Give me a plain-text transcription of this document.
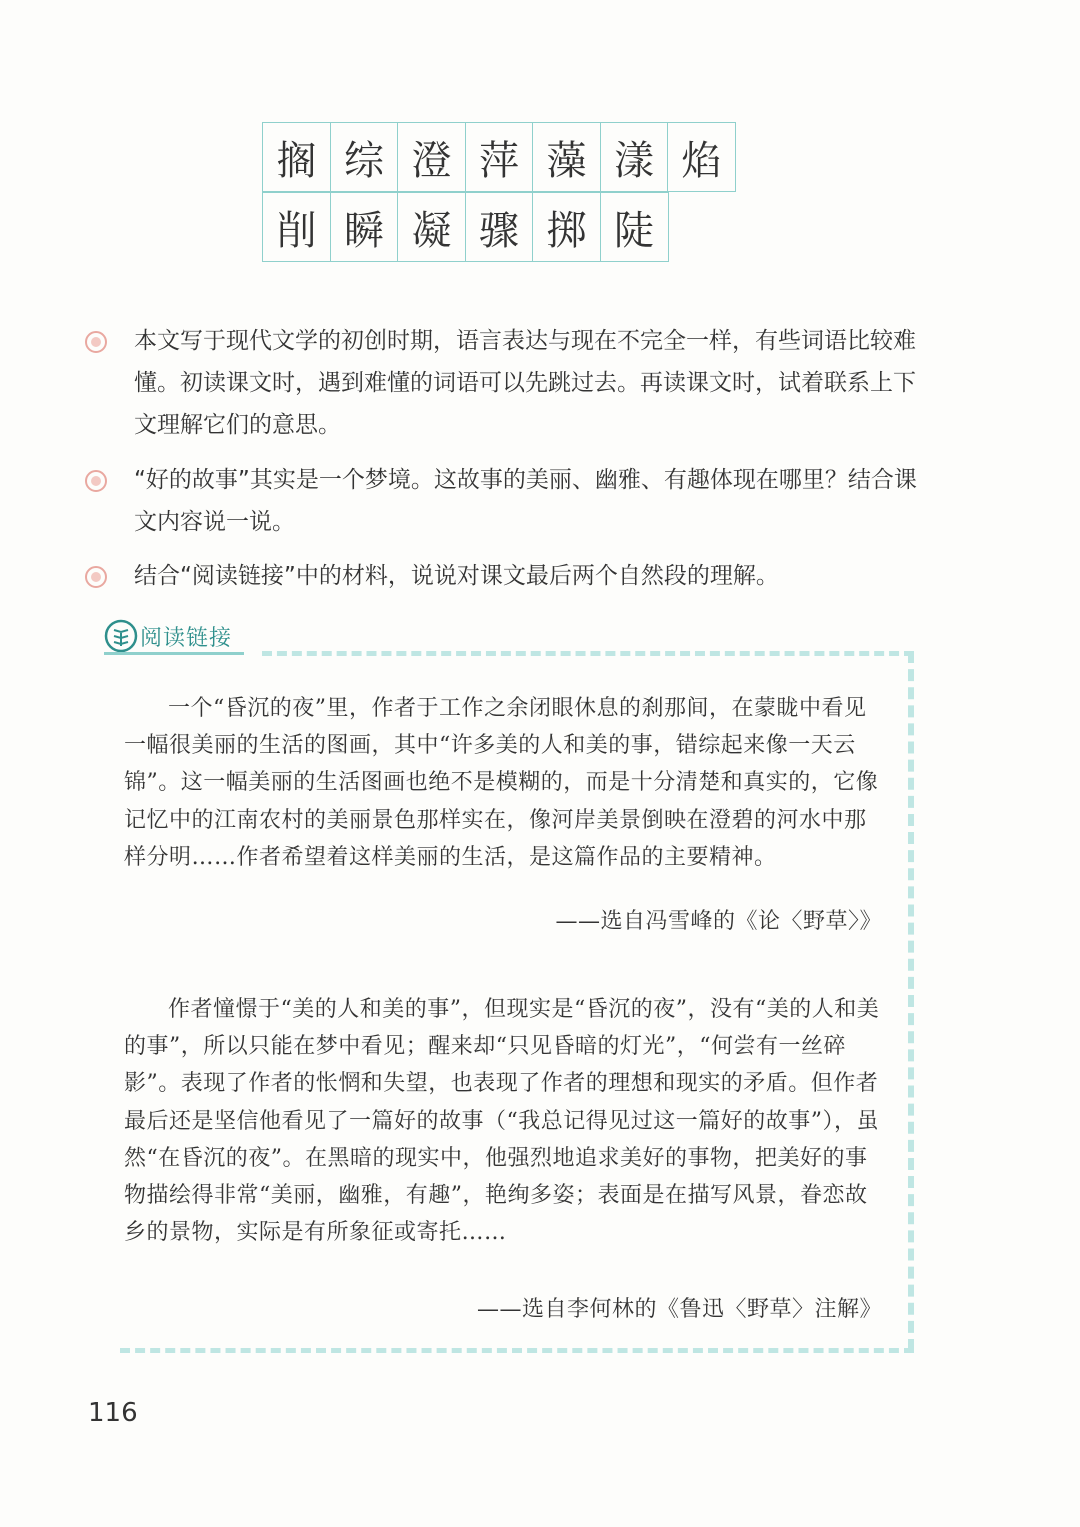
搁 综 澄 萍 藻 漾 焰
削 瞬 凝 骤 掷 陡
本文写于现代文学的初创时期，语言表达与现在不完全一样，有些词语比较难懂。初读课文时，遇到难懂的词语可以先跳过去。再读课文时，试着联系上下文理解它们的意思。
“好的故事”其实是一个梦境。这故事的美丽、幽雅、有趣体现在哪里？结合课文内容说一说。
结合“阅读链接”中的材料，说说对课文最后两个自然段的理解。
阅读链接
一个“昏沉的夜”里，作者于工作之余闭眼休息的刹那间，在蒙眬中看见一幅很美丽的生活的图画，其中“许多美的人和美的事，错综起来像一天云锦”。这一幅美丽的生活图画也绝不是模糊的，而是十分清楚和真实的，它像记忆中的江南农村的美丽景色那样实在，像河岸美景倒映在澄碧的河水中那样分明……作者希望着这样美丽的生活，是这篇作品的主要精神。
——选自冯雪峰的《论〈野草〉》
作者憧憬于“美的人和美的事”，但现实是“昏沉的夜”，没有“美的人和美的事”，所以只能在梦中看见；醒来却“只见昏暗的灯光”，“何尝有一丝碎影”。表现了作者的怅惘和失望，也表现了作者的理想和现实的矛盾。但作者最后还是坚信他看见了一篇好的故事（“我总记得见过这一篇好的故事”），虽然“在昏沉的夜”。在黑暗的现实中，他强烈地追求美好的事物，把美好的事物描绘得非常“美丽，幽雅，有趣”，艳绚多姿；表面是在描写风景，眷恋故乡的景物，实际是有所象征或寄托……
——选自李何林的《鲁迅〈野草〉注解》
116
